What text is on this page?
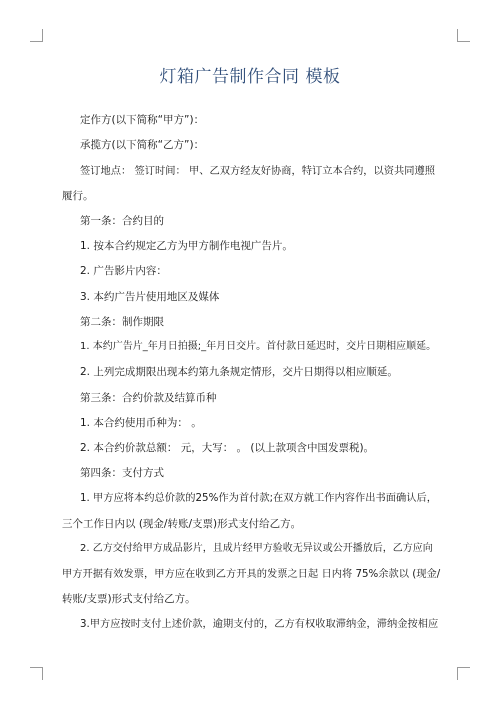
灯箱广告制作合同 模板
定作方(以下简称“甲方”)：
承揽方(以下简称“乙方”)：
签订地点： 签订时间： 甲、乙双方经友好协商，特订立本合约，以资共同遵照
履行。
第一条：合约目的
1. 按本合约规定乙方为甲方制作电视广告片。
2. 广告影片内容：
3. 本约广告片使用地区及媒体
第二条：制作期限
1. 本约广告片_年月日拍摄;_年月日交片。首付款日延迟时，交片日期相应顺延。
2. 上列完成期限出现本约第九条规定情形，交片日期得以相应顺延。
第三条：合约价款及结算币种
1. 本合约使用币种为： 。
2. 本合约价款总额： 元，大写： 。 (以上款项含中国发票税)。
第四条：支付方式
1. 甲方应将本约总价款的25%作为首付款;在双方就工作内容作出书面确认后，
三个工作日内以 (现金/转账/支票)形式支付给乙方。
2. 乙方交付给甲方成品影片，且成片经甲方验收无异议或公开播放后，乙方应向
甲方开据有效发票，甲方应在收到乙方开具的发票之日起 日内将 75%余款以 (现金/
转账/支票)形式支付给乙方。
3.甲方应按时支付上述价款，逾期支付的，乙方有权收取滞纳金，滞纳金按相应
